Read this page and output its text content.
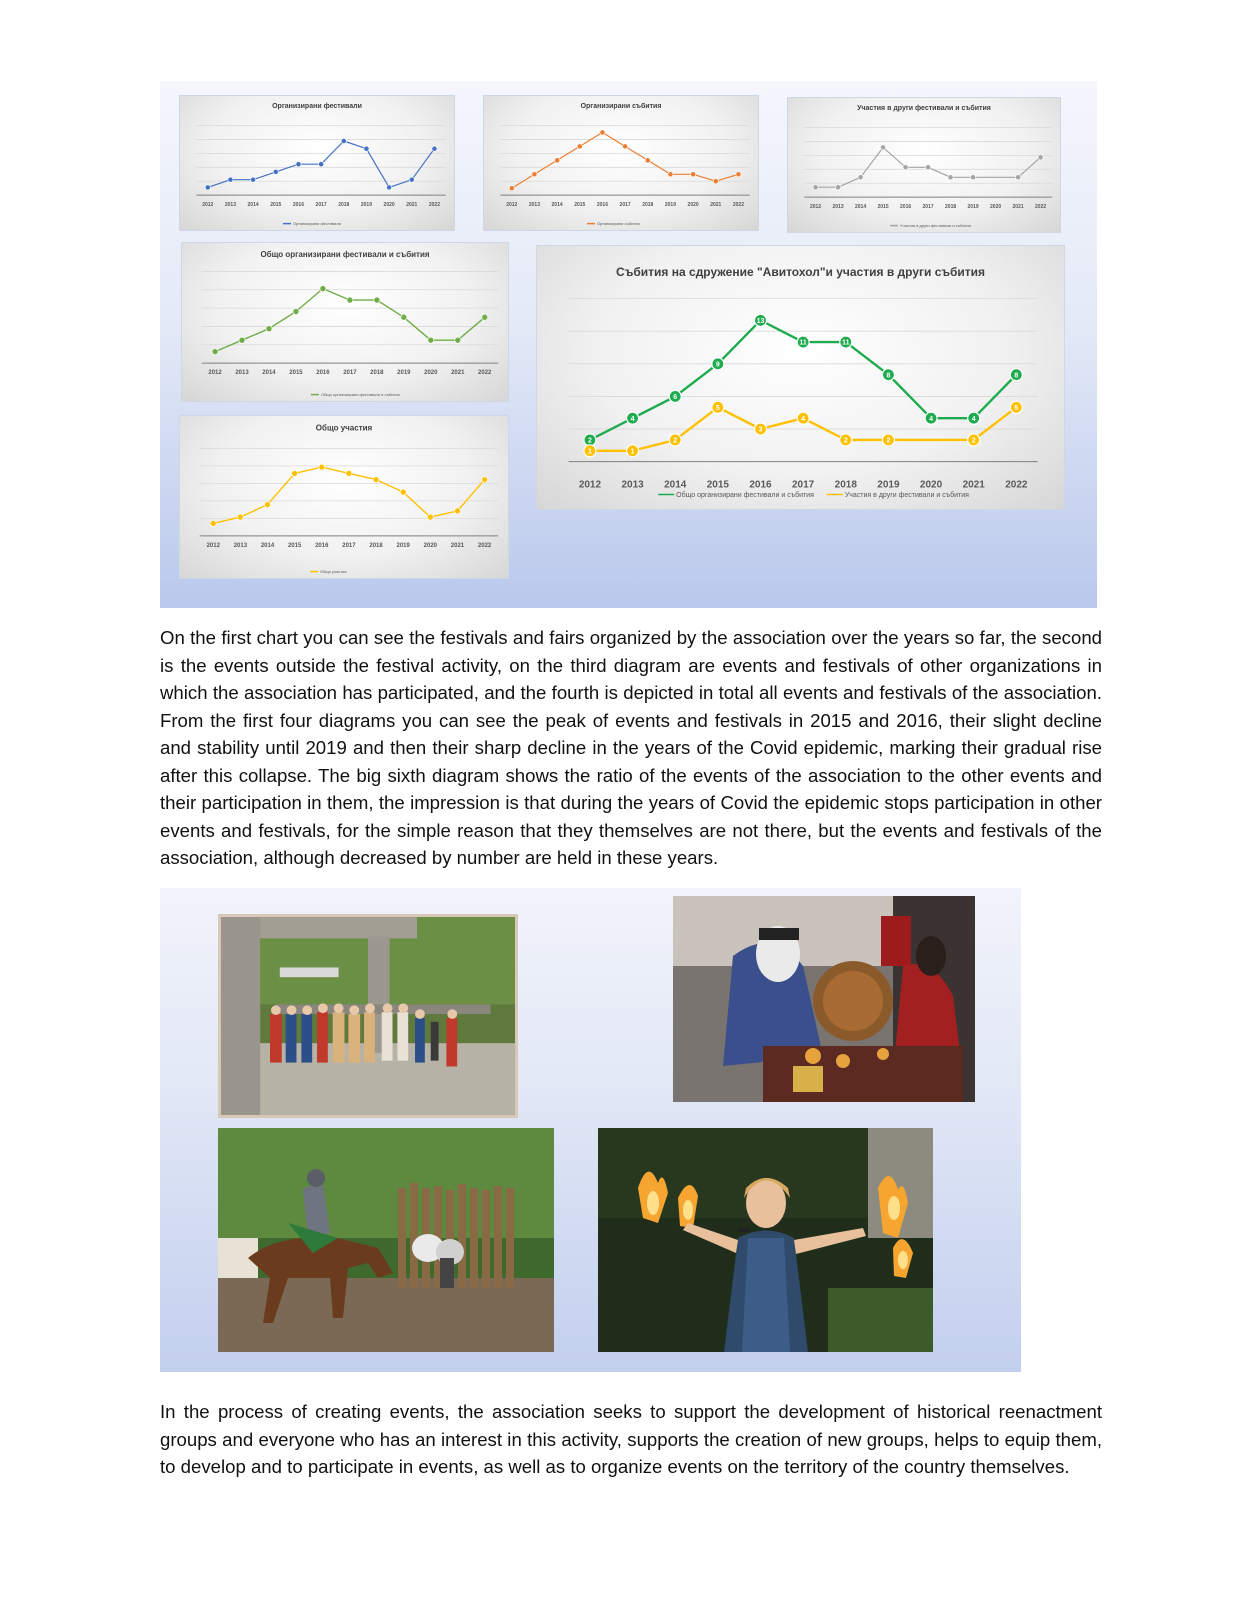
Организирани фестивали
2012 2013 2014 2015 2016 2017 2018 2019 2020 2021 2022
Организирани фестивали
Организирани събития
2012 2013 2014 2015 2016 2017 2018 2019 2020 2021 2022
Организирани събития
Участия в други фестивали и събития
2012 2013 2014 2015 2016 2017 2018 2019 2020 2021 2022
Участия в други фестивали и събития
Общо организирани фестивали и събития
2012 2013 2014 2015 2016 2017 2018 2019 2020 2021 2022
Общо организирани фестивали и събития
Общо участия
2012 2013 2014 2015 2016 2017 2018 2019 2020 2021 2022
Общо участия
Събития на сдружение "Авитохол"и участия в други събития
2012 2013 2014 2015 2016 2017 2018 2019 2020 2021 2022
Общо организирани фестивали и събития	Участия в други фестивали и събития
2
4
6
9
13
11	11
8
4	4
8
1	1
2
5
3
4
2	2	2
5

On the first chart you can see the festivals and fairs organized by the association over the years so far, the second is the events outside the festival activity, on the third diagram are events and festivals of other organizations in which the association has participated, and the fourth is depicted in total all events and festivals of the association. From the first four diagrams you can see the peak of events and festivals in 2015 and 2016, their slight decline and stability until 2019 and then their sharp decline in the years of the Covid epidemic, marking their gradual rise after this collapse. The big sixth diagram shows the ratio of the events of the association to the other events and their participation in them, the impression is that during the years of Covid the epidemic stops participation in other events and festivals, for the simple reason that they themselves are not there, but the events and festivals of the association, although decreased by number are held in these years.

In the process of creating events, the association seeks to support the development of historical reenactment groups and everyone who has an interest in this activity, supports the creation of new groups, helps to equip them, to develop and to participate in events, as well as to organize events on the territory of the country themselves.
